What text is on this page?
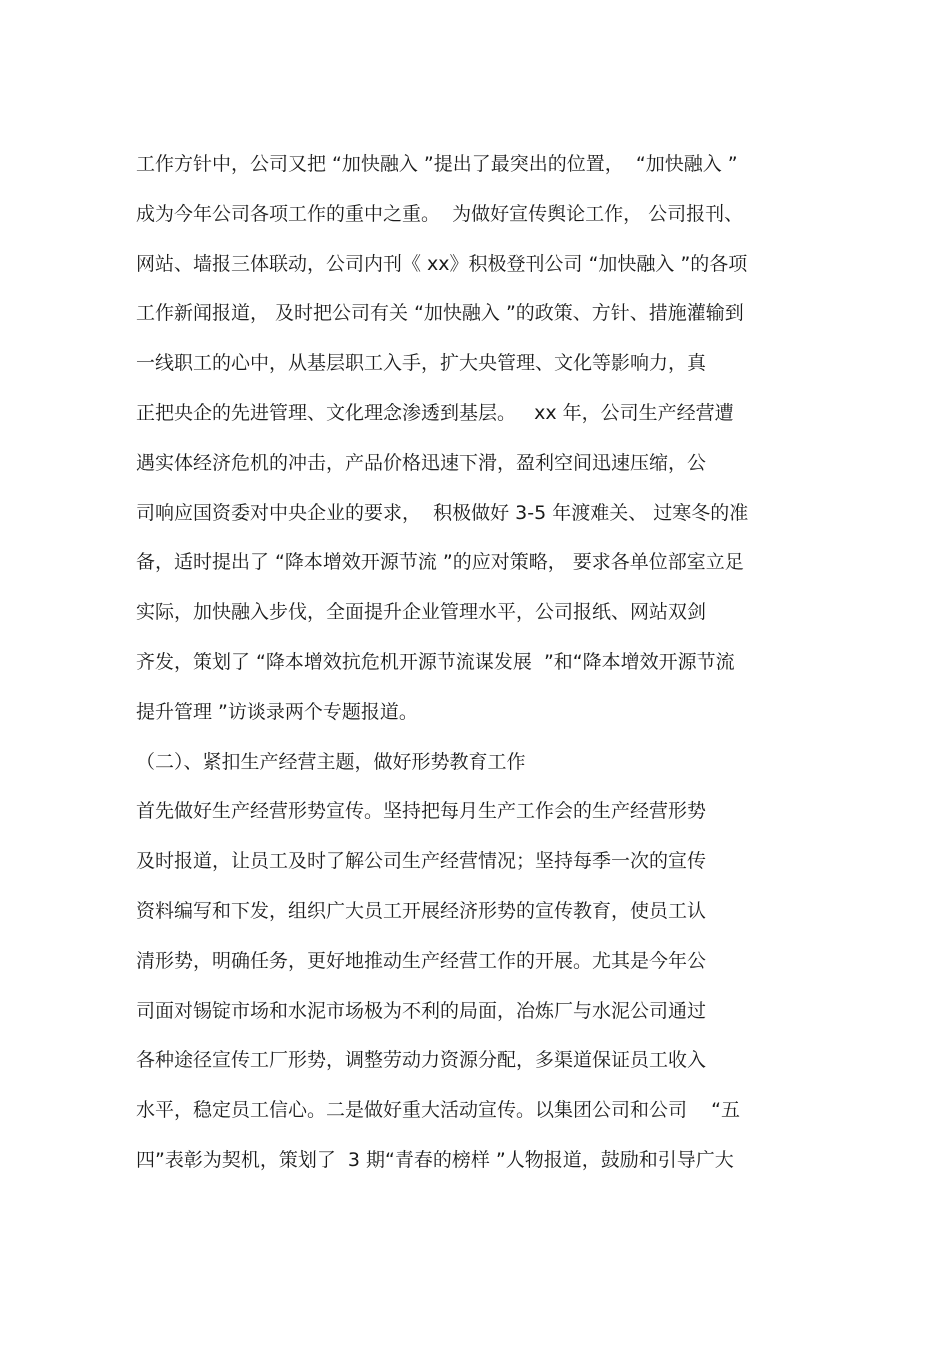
工作方针中，公司又把 “加快融入 ”提出了最突出的位置，  “加快融入 ”
成为今年公司各项工作的重中之重。  为做好宣传舆论工作， 公司报刊、
网站、墙报三体联动，公司内刊《 xx》积极登刊公司 “加快融入 ”的各项
工作新闻报道， 及时把公司有关 “加快融入 ”的政策、方针、措施灌输到
一线职工的心中，从基层职工入手，扩大央管理、文化等影响力，真
正把央企的先进管理、文化理念渗透到基层。   xx 年，公司生产经营遭
遇实体经济危机的冲击，产品价格迅速下滑，盈利空间迅速压缩，公
司响应国资委对中央企业的要求，  积极做好 3-5 年渡难关、 过寒冬的准
备，适时提出了 “降本增效开源节流 ”的应对策略， 要求各单位部室立足
实际，加快融入步伐，全面提升企业管理水平，公司报纸、网站双剑
齐发，策划了 “降本增效抗危机开源节流谋发展  ”和“降本增效开源节流
提升管理 ”访谈录两个专题报道。
（二）、紧扣生产经营主题，做好形势教育工作
首先做好生产经营形势宣传。坚持把每月生产工作会的生产经营形势
及时报道，让员工及时了解公司生产经营情况；坚持每季一次的宣传
资料编写和下发，组织广大员工开展经济形势的宣传教育，使员工认
清形势，明确任务，更好地推动生产经营工作的开展。尤其是今年公
司面对锡锭市场和水泥市场极为不利的局面，冶炼厂与水泥公司通过
各种途径宣传工厂形势，调整劳动力资源分配，多渠道保证员工收入
水平，稳定员工信心。二是做好重大活动宣传。以集团公司和公司    “五
四”表彰为契机，策划了  3 期“青春的榜样 ”人物报道，鼓励和引导广大
